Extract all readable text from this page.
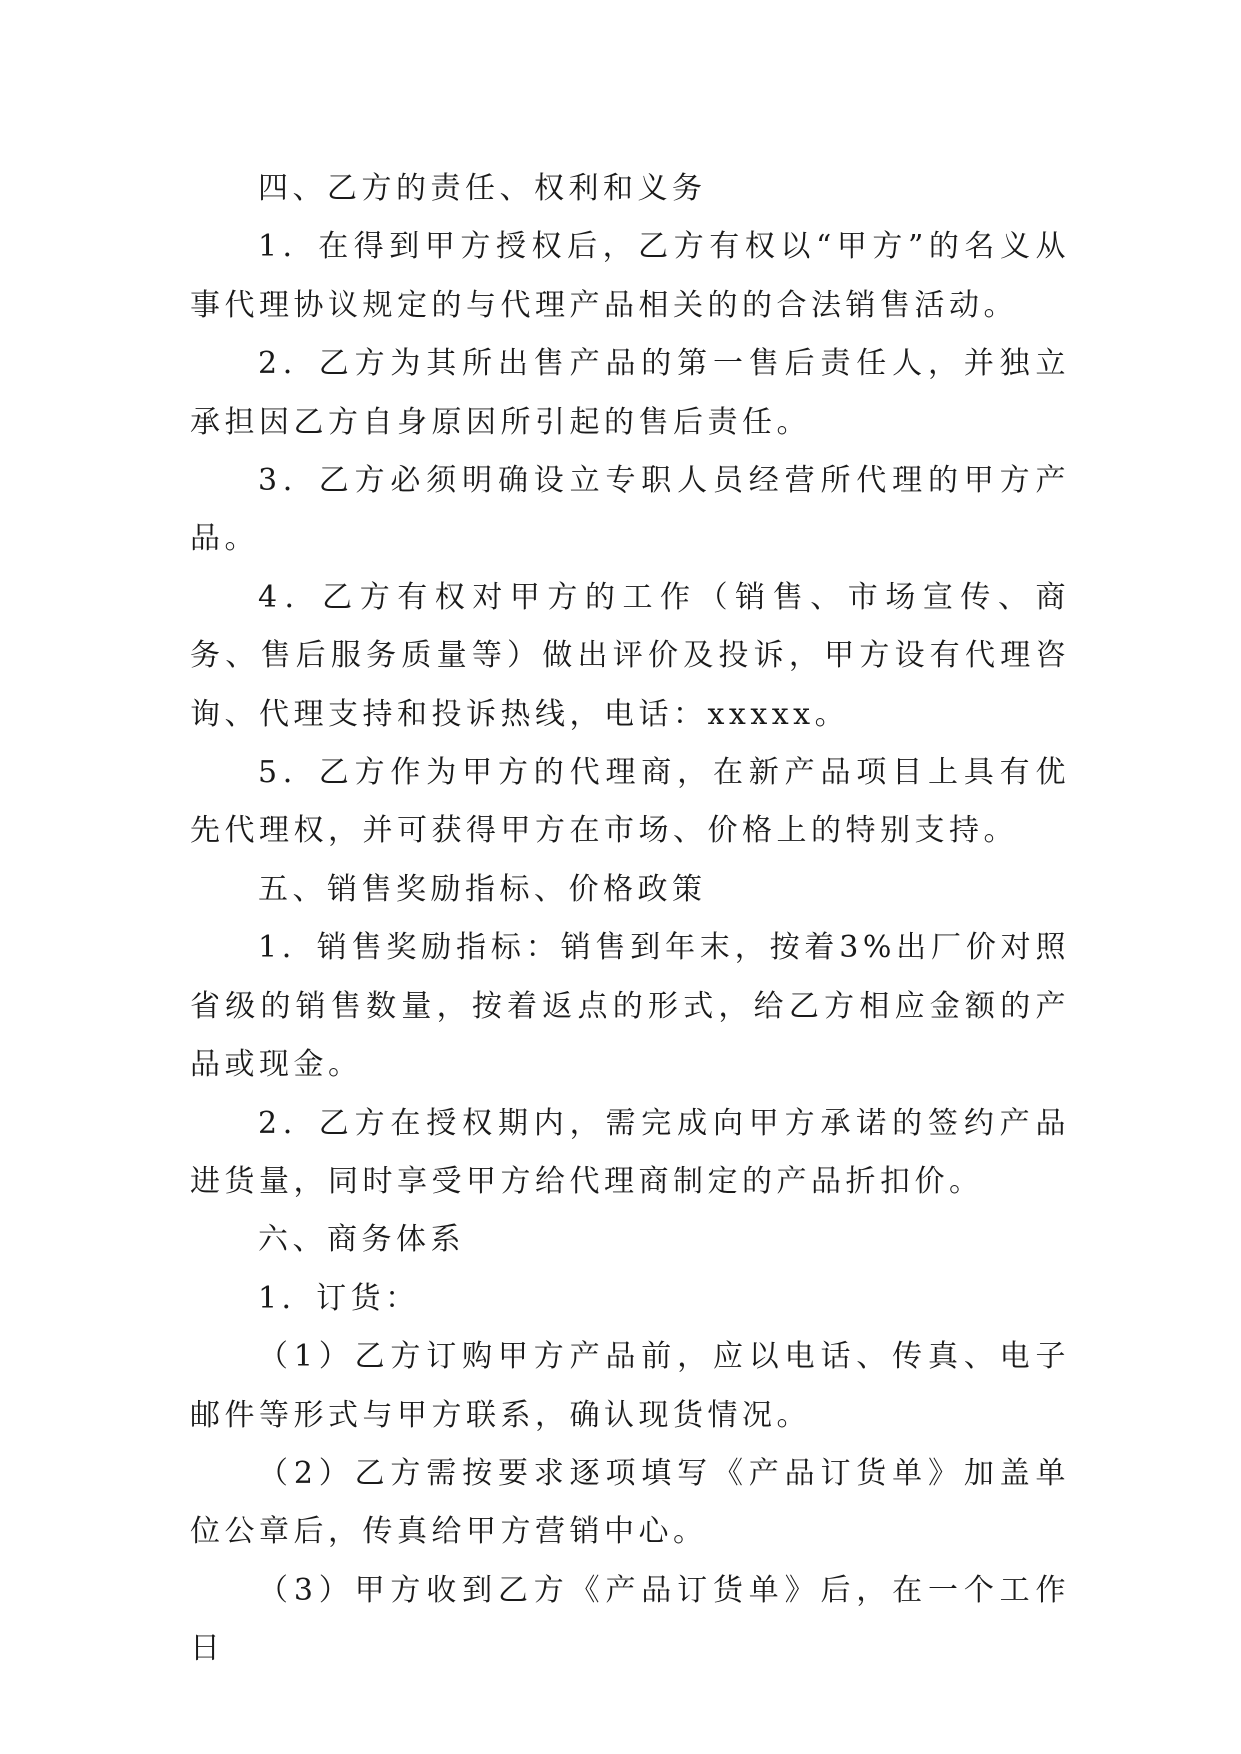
四、乙方的责任、权利和义务

1．在得到甲方授权后，乙方有权以“甲方”的名义从事代理协议规定的与代理产品相关的的合法销售活动。

2．乙方为其所出售产品的第一售后责任人，并独立承担因乙方自身原因所引起的售后责任。

3．乙方必须明确设立专职人员经营所代理的甲方产品。

4．乙方有权对甲方的工作（销售、市场宣传、商务、售后服务质量等）做出评价及投诉，甲方设有代理咨询、代理支持和投诉热线，电话：xxxxx。

5．乙方作为甲方的代理商，在新产品项目上具有优先代理权，并可获得甲方在市场、价格上的特别支持。

五、销售奖励指标、价格政策

1．销售奖励指标：销售到年末，按着3%出厂价对照省级的销售数量，按着返点的形式，给乙方相应金额的产品或现金。

2．乙方在授权期内，需完成向甲方承诺的签约产品进货量，同时享受甲方给代理商制定的产品折扣价。

六、商务体系

1．订货：

（1）乙方订购甲方产品前，应以电话、传真、电子邮件等形式与甲方联系，确认现货情况。

（2）乙方需按要求逐项填写《产品订货单》加盖单位公章后，传真给甲方营销中心。

（3）甲方收到乙方《产品订货单》后，在一个工作日
